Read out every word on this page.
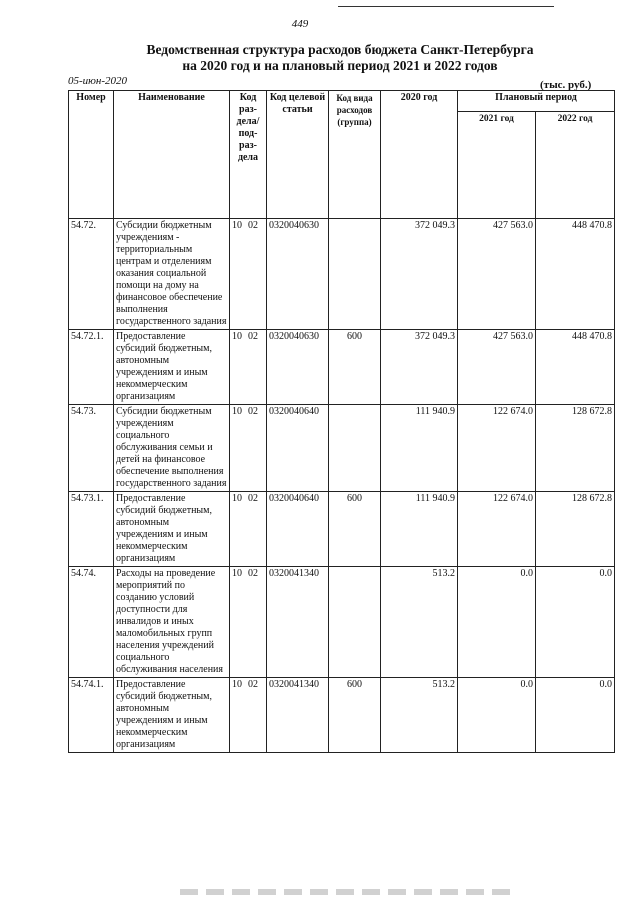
449
Ведомственная структура расходов бюджета Санкт-Петербурга
на 2020 год и на плановый период 2021 и 2022 годов
05-июн-2020	(тыс. руб.)
Номер	Наименование	Код раз- дела/ под- раз- дела	Код целевой статьи	Код вида расходов (группа)	2020 год	Плановый период	
						2021 год	2022 год
54.72.	Субсидии бюджетным учреждениям - территориальным центрам и отделениям оказания социальной помощи на дому на финансовое обеспечение выполнения государственного задания	10 02	0320040630		372 049.3	427 563.0	448 470.8
54.72.1.	Предоставление субсидий бюджетным, автономным учреждениям и иным некоммерческим организациям	10 02	0320040630	600	372 049.3	427 563.0	448 470.8
54.73.	Субсидии бюджетным учреждениям социального обслуживания семьи и детей на финансовое обеспечение выполнения государственного задания	10 02	0320040640		111 940.9	122 674.0	128 672.8
54.73.1.	Предоставление субсидий бюджетным, автономным учреждениям и иным некоммерческим организациям	10 02	0320040640	600	111 940.9	122 674.0	128 672.8
54.74.	Расходы на проведение мероприятий по созданию условий доступности для инвалидов и иных маломобильных групп населения учреждений социального обслуживания населения	10 02	0320041340		513.2	0.0	0.0
54.74.1.	Предоставление субсидий бюджетным, автономным учреждениям и иным некоммерческим организациям	10 02	0320041340	600	513.2	0.0	0.0
